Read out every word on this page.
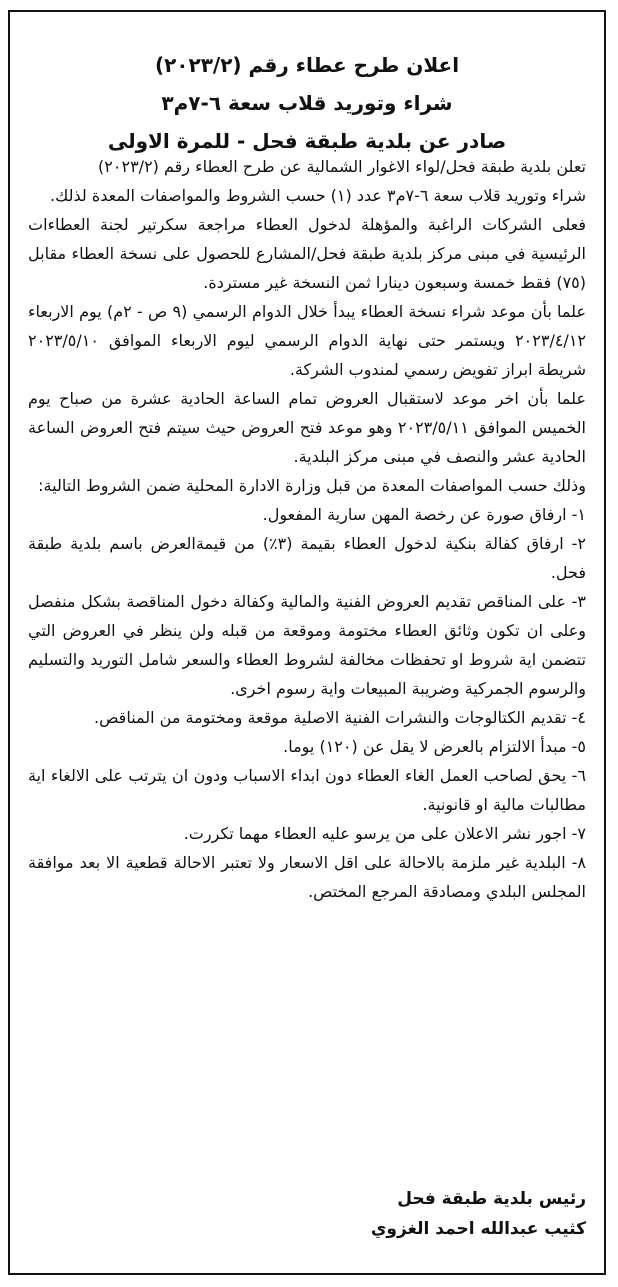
اعلان طرح عطاء رقم (٢٠٢٣/٢)
شراء وتوريد قلاب سعة ٦-٧م٣
صادر عن بلدية طبقة فحل - للمرة الاولى

تعلن بلدية طبقة فحل/لواء الاغوار الشمالية عن طرح العطاء رقم (٢٠٢٣/٢)

شراء وتوريد قلاب سعة ٦-٧م٣ عدد (١) حسب الشروط والمواصفات المعدة لذلك.

فعلى الشركات الراغبة والمؤهلة لدخول العطاء مراجعة سكرتير لجنة العطاءات الرئيسية في مبنى مركز بلدية طبقة فحل/المشارع للحصول على نسخة العطاء مقابل (٧٥) فقط خمسة وسبعون دينارا ثمن النسخة غير مستردة.

علما بأن موعد شراء نسخة العطاء يبدأ خلال الدوام الرسمي (٩ ص - ٢م) يوم الاربعاء ٢٠٢٣/٤/١٢ ويستمر حتى نهاية الدوام الرسمي ليوم الاربعاء الموافق ٢٠٢٣/٥/١٠ شريطة ابراز تفويض رسمي لمندوب الشركة.

علما بأن اخر موعد لاستقبال العروض تمام الساعة الحادية عشرة من صباح يوم الخميس الموافق ٢٠٢٣/٥/١١ وهو موعد فتح العروض حيث سيتم فتح العروض الساعة الحادية عشر والنصف في مبنى مركز البلدية.

وذلك حسب المواصفات المعدة من قبل وزارة الادارة المحلية ضمن الشروط التالية:

١- ارفاق صورة عن رخصة المهن سارية المفعول.

٢- ارفاق كفالة بنكية لدخول العطاء بقيمة (٣٪) من قيمةالعرض باسم بلدية طبقة فحل.

٣- على المناقص تقديم العروض الفنية والمالية وكفالة دخول المناقصة بشكل منفصل وعلى ان تكون وثائق العطاء مختومة وموقعة من قبله ولن ينظر في العروض التي تتضمن اية شروط او تحفظات مخالفة لشروط العطاء والسعر شامل التوريد والتسليم والرسوم الجمركية وضريبة المبيعات واية رسوم اخرى.

٤- تقديم الكتالوجات والنشرات الفنية الاصلية موقعة ومختومة من المناقص.

٥- مبدأ الالتزام بالعرض لا يقل عن (١٢٠) يوما.

٦- يحق لصاحب العمل الغاء العطاء دون ابداء الاسباب ودون ان يترتب على الالغاء اية مطالبات مالية او قانونية.

٧- اجور نشر الاعلان على من يرسو عليه العطاء مهما تكررت.

٨- البلدية غير ملزمة بالاحالة على اقل الاسعار ولا تعتبر الاحالة قطعية الا بعد موافقة المجلس البلدي ومصادقة المرجع المختص.

رئيس بلدية طبقة فحل
كثيب عبدالله احمد الغزوي
